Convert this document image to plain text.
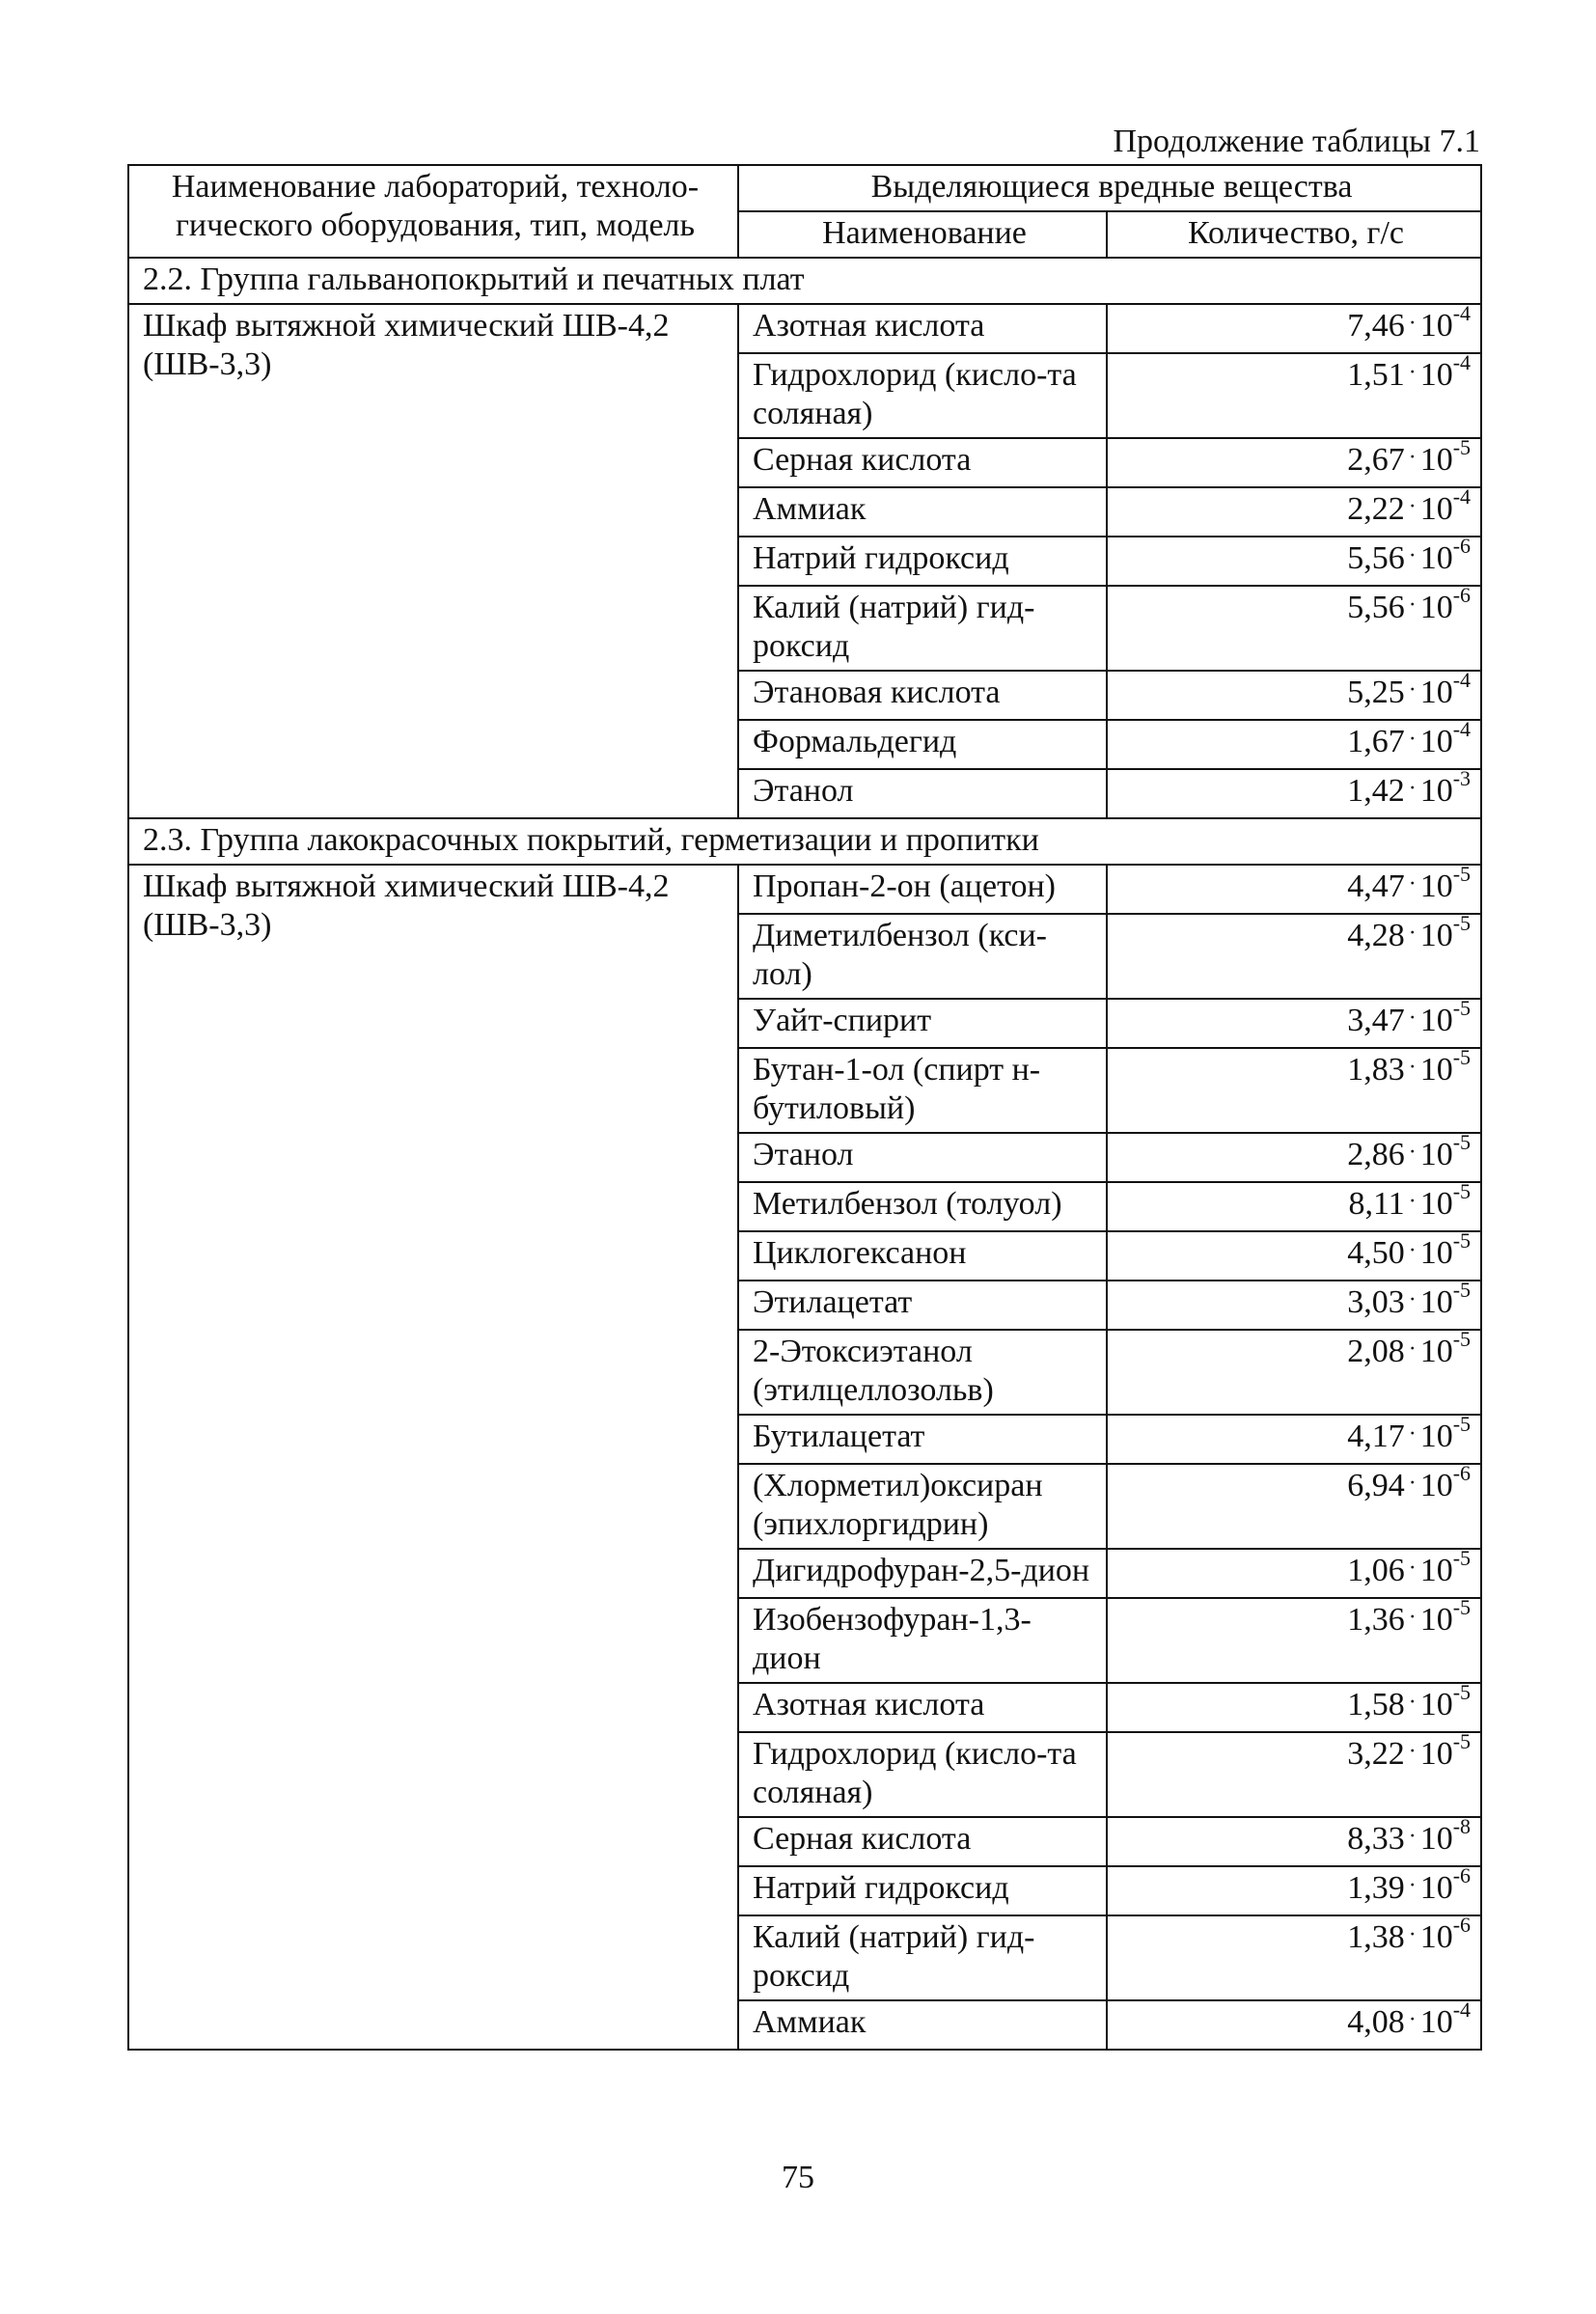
Продолжение таблицы 7.1
Наименование лабораторий, техноло-гического оборудования, тип, модель	Выделяющиеся вредные вещества	
	Наименование	Количество, г/с
2.2. Группа гальванопокрытий и печатных плат		
Шкаф вытяжной химический ШВ-4,2 (ШВ-3,3)	Азотная кислота	$7,46 \cdot 10^{-4}$
	Гидрохлорид (кисло-та соляная)	$1,51 \cdot 10^{-4}$
	Серная кислота	$2,67 \cdot 10^{-5}$
	Аммиак	$2,22 \cdot 10^{-4}$
	Натрий гидроксид	$5,56 \cdot 10^{-6}$
	Калий (натрий) гид-роксид	$5,56 \cdot 10^{-6}$
	Этановая кислота	$5,25 \cdot 10^{-4}$
	Формальдегид	$1,67 \cdot 10^{-4}$
	Этанол	$1,42 \cdot 10^{-3}$
2.3. Группа лакокрасочных покрытий, герметизации и пропитки		
Шкаф вытяжной химический ШВ-4,2 (ШВ-3,3)	Пропан-2-он (ацетон)	$4,47 \cdot 10^{-5}$
	Диметилбензол (кси-лол)	$4,28 \cdot 10^{-5}$
	Уайт-спирит	$3,47 \cdot 10^{-5}$
	Бутан-1-ол (спирт н-бутиловый)	$1,83 \cdot 10^{-5}$
	Этанол	$2,86 \cdot 10^{-5}$
	Метилбензол (толуол)	$8,11 \cdot 10^{-5}$
	Циклогексанон	$4,50 \cdot 10^{-5}$
	Этилацетат	$3,03 \cdot 10^{-5}$
	2-Этоксиэтанол (этилцеллозольв)	$2,08 \cdot 10^{-5}$
	Бутилацетат	$4,17 \cdot 10^{-5}$
	(Хлорметил)оксиран (эпихлоргидрин)	$6,94 \cdot 10^{-6}$
	Дигидрофуран-2,5-дион	$1,06 \cdot 10^{-5}$
	Изобензофуран-1,3-дион	$1,36 \cdot 10^{-5}$
	Азотная кислота	$1,58 \cdot 10^{-5}$
	Гидрохлорид (кисло-та соляная)	$3,22 \cdot 10^{-5}$
	Серная кислота	$8,33 \cdot 10^{-8}$
	Натрий гидроксид	$1,39 \cdot 10^{-6}$
	Калий (натрий) гид-роксид	$1,38 \cdot 10^{-6}$
	Аммиак	$4,08 \cdot 10^{-4}$
75
